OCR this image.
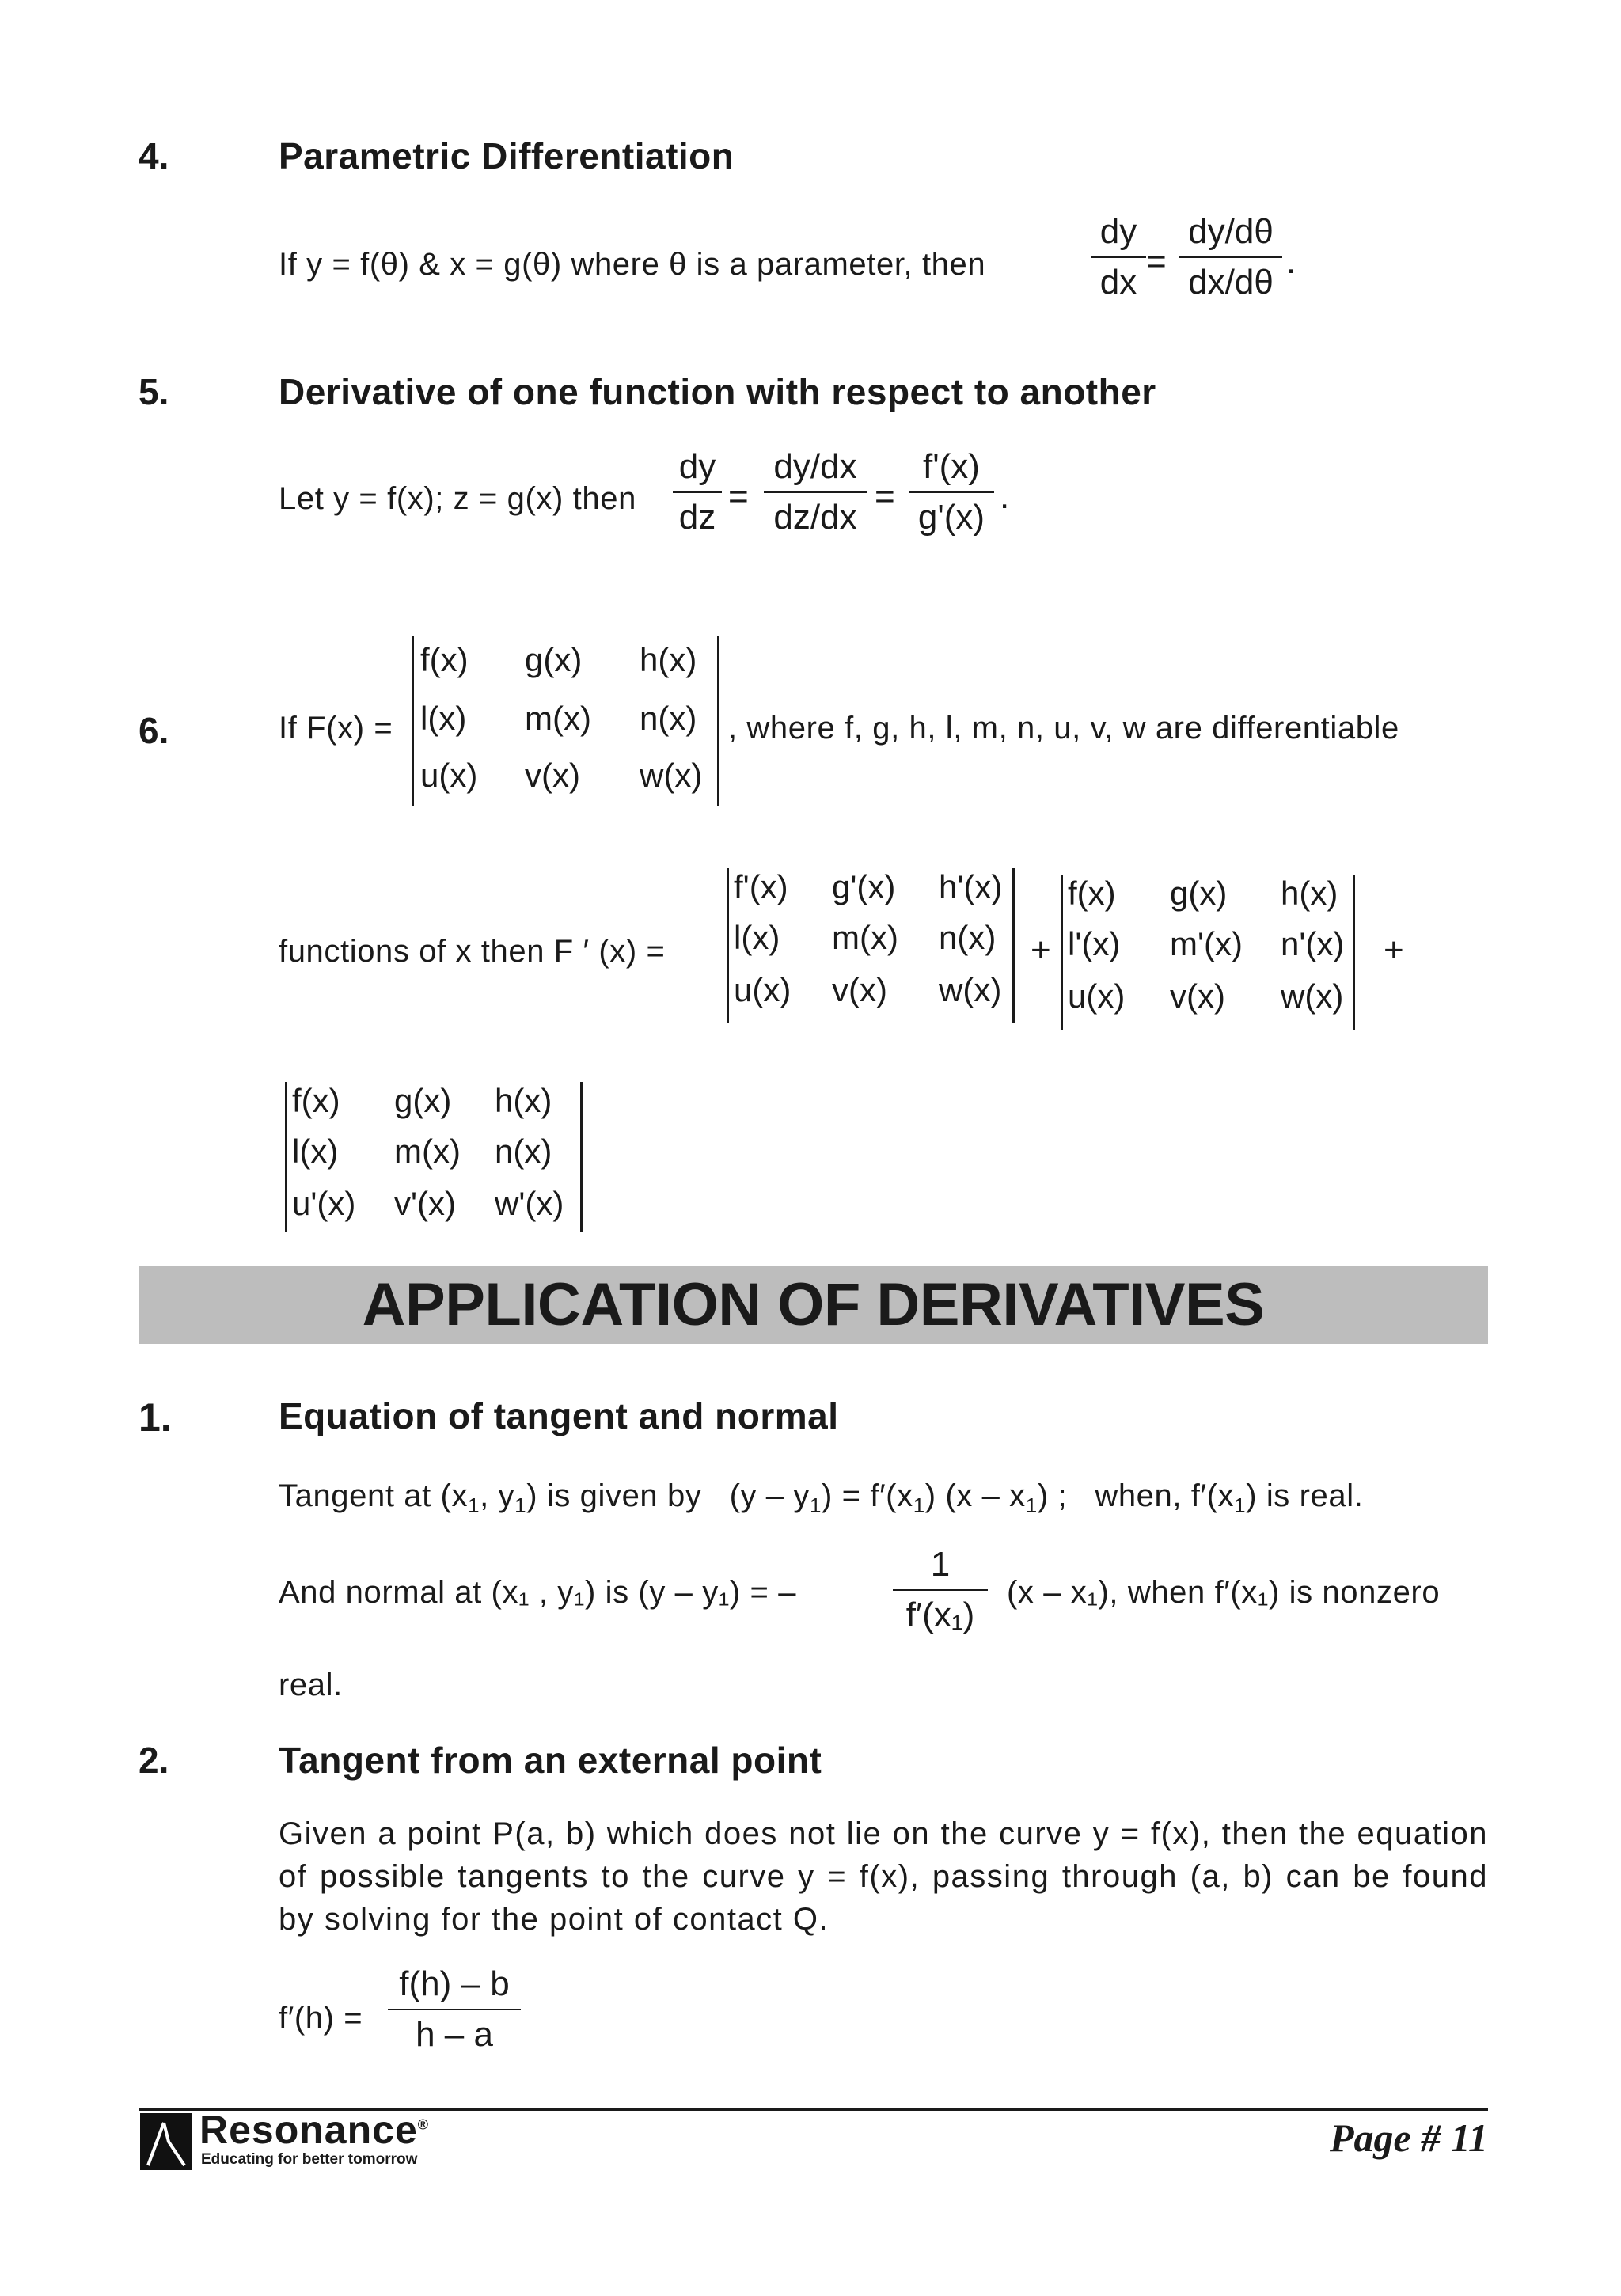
4.	Parametric Differentiation
If y = f(θ) & x = g(θ) where θ is a parameter, then	$\frac{dy}{dx} = \frac{dy/d\theta}{dx/d\theta}$ .
5.	Derivative of one function with respect to another
Let y = f(x); z = g(x) then $\frac{dy}{dz} = \frac{dy/dx}{dz/dx} = \frac{f'(x)}{g'(x)}$ .
6.	If F(x) =
f(x) g(x) h(x)
l(x) m(x) n(x)
u(x) v(x) w(x)
, where f, g, h, l, m, n, u, v, w are differentiable
functions of x then F ′ (x) =
f'(x) g'(x) h'(x)
l(x) m(x) n(x)
u(x) v(x) w(x)
+
f(x) g(x) h(x)
l'(x) m'(x) n'(x)
u(x) v(x) w(x)
+
f(x) g(x) h(x)
l(x) m(x) n(x)
u'(x) v'(x) w'(x)
APPLICATION OF DERIVATIVES
1.	Equation of tangent and normal
Tangent at ($x_1$, $y_1$) is given by   $(y - y_1) = f'(x_1)$ $(x - x_1)$ ;   when, $f'(x_1)$ is real.
And normal at (x₁ , y₁) is (y – y₁) = –	$\frac{1}{\text{f′(x₁)}} (x - x_1)$, when f′(x₁) is nonzero
real.
2.	Tangent from an external point
Given a point P(a, b) which does not lie on the curve y = f(x), then the equation of possible tangents to the curve y = f(x), passing through (a, b) can be found by solving for the point of contact Q.
$f'(h) = \frac{f(h) - b}{h - a}$
Resonance®
Educating for better tomorrow	Page # 11
